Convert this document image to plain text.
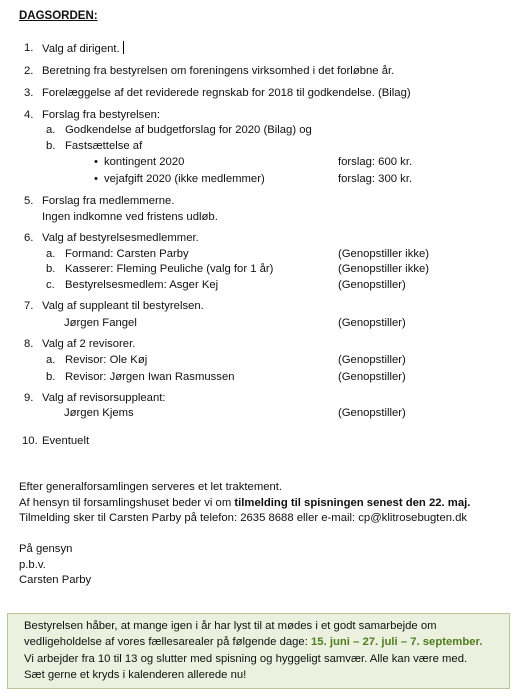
DAGSORDEN:
1. Valg af dirigent.
2. Beretning fra bestyrelsen om foreningens virksomhed i det forløbne år.
3. Forelæggelse af det reviderede regnskab for 2018 til godkendelse. (Bilag)
4. Forslag fra bestyrelsen:
a. Godkendelse af budgetforslag for 2020 (Bilag) og
b. Fastsættelse af
• kontingent 2020	forslag: 600 kr.
• vejafgift 2020 (ikke medlemmer)	forslag: 300 kr.
5. Forslag fra medlemmerne.
Ingen indkomne ved fristens udløb.
6. Valg af bestyrelsesmedlemmer.
a. Formand: Carsten Parby	(Genopstiller ikke)
b. Kasserer: Fleming Peuliche (valg for 1 år)	(Genopstiller ikke)
c. Bestyrelsesmedlem: Asger Kej	(Genopstiller)
7. Valg af suppleant til bestyrelsen.
Jørgen Fangel	(Genopstiller)
8. Valg af 2 revisorer.
a. Revisor: Ole Køj	(Genopstiller)
b. Revisor: Jørgen Iwan Rasmussen	(Genopstiller)
9. Valg af revisorsuppleant:
Jørgen Kjems	(Genopstiller)
10. Eventuelt
Efter generalforsamlingen serveres et let traktement.
Af hensyn til forsamlingshuset beder vi om tilmelding til spisningen senest den 22. maj.
Tilmelding sker til Carsten Parby på telefon: 2635 8688 eller e-mail: cp@klitrosebugten.dk
På gensyn
p.b.v.
Carsten Parby
Bestyrelsen håber, at mange igen i år har lyst til at mødes i et godt samarbejde om
vedligeholdelse af vores fællesarealer på følgende dage: 15. juni – 27. juli – 7. september.
Vi arbejder fra 10 til 13 og slutter med spisning og hyggeligt samvær. Alle kan være med.
Sæt gerne et kryds i kalenderen allerede nu!
